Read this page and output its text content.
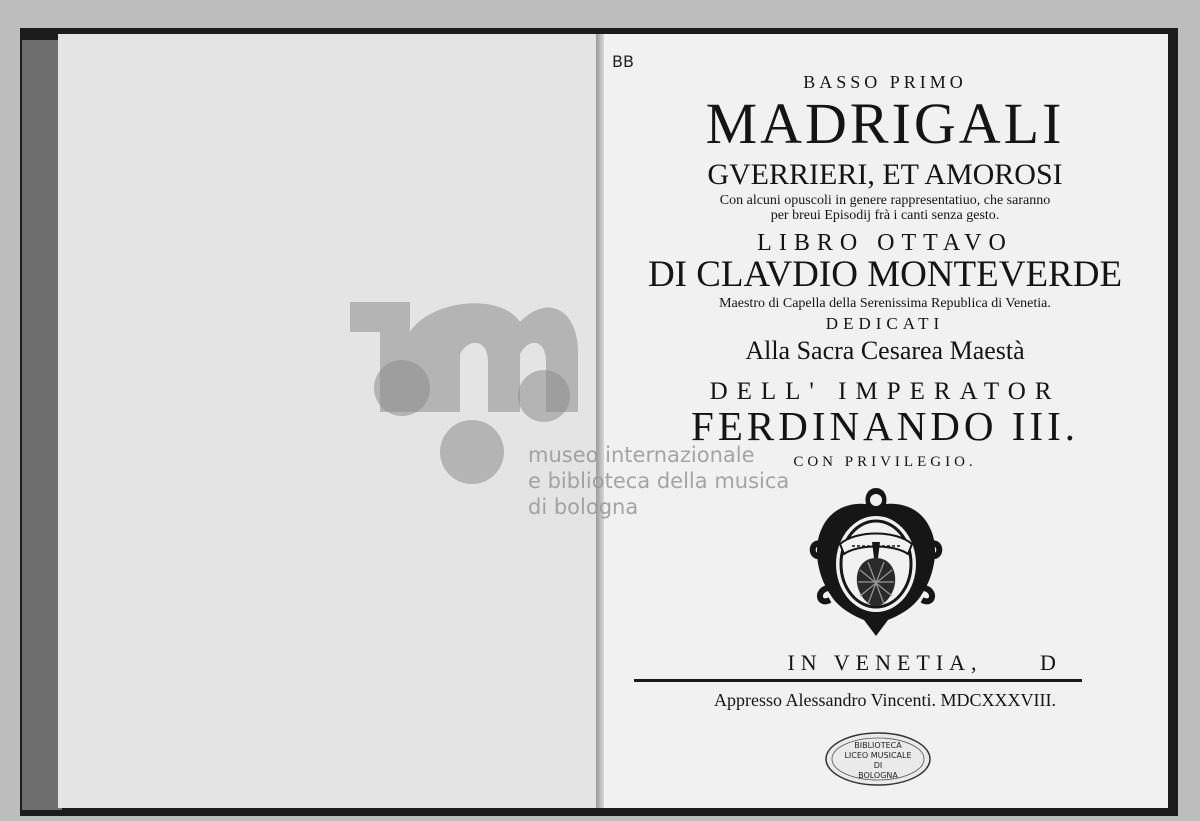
BB
BASSO PRIMO
MADRIGALI
GVERRIERI, ET AMOROSI
Con alcuni opuscoli in genere rappresentatiuo, che saranno
per breui Episodij frà i canti senza gesto.
LIBRO OTTAVO
DI CLAVDIO MONTEVERDE
Maestro di Capella della Serenissima Republica di Venetia.
DEDICATI
Alla Sacra Cesarea Maestà
DELL' IMPERATOR
FERDINANDO III.
CON PRIVILEGIO.
IN VENETIA,	D
Appresso Alessandro Vincenti. MDCXXXVIII.
BIBLIOTECA
LICEO MUSICALE
DI
BOLOGNA
museo internazionale
e biblioteca della musica
di bologna
